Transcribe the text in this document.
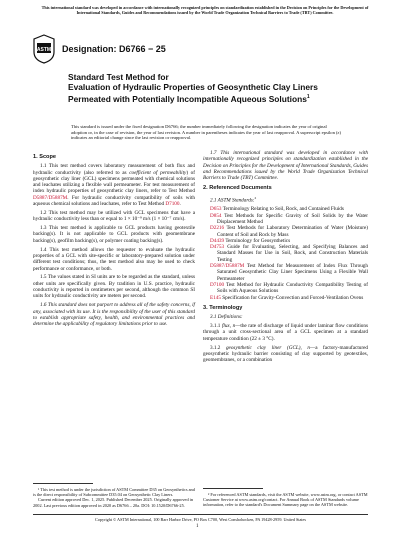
This international standard was developed in accordance with internationally recognized principles on standardization established in the Decision on Principles for the Development of International Standards, Guides and Recommendations issued by the World Trade Organization Technical Barriers to Trade (TBT) Committee.
ASTM Designation: D6766 − 25
Standard Test Method for
Evaluation of Hydraulic Properties of Geosynthetic Clay Liners Permeated with Potentially Incompatible Aqueous Solutions$^1$
This standard is issued under the fixed designation D6766; the number immediately following the designation indicates the year of original adoption or, in the case of revision, the year of last revision. A number in parentheses indicates the year of last reapproval. A superscript epsilon (ε) indicates an editorial change since the last revision or reapproval.

1. Scope

1.1 This test method covers laboratory measurement of both flux and hydraulic conductivity (also referred to as coefficient of permeability) of geosynthetic clay liner (GCL) specimens permeated with chemical solutions and leachates utilizing a flexible wall permeameter. For test measurement of index hydraulic properties of geosynthetic clay liners, refer to Test Method D5887/D5887M. For hydraulic conductivity compatibility of soils with aqueous chemical solutions and leachates, refer to Test Method D7100.

1.2 This test method may be utilized with GCL specimens that have a hydraulic conductivity less than or equal to 1 × 10⁻⁹ m/s (1 × 10⁻⁷ cm/s).

1.3 This test method is applicable to GCL products having geotextile backing(s). It is not applicable to GCL products with geomembrane backing(s), geofilm backing(s), or polymer coating backing(s).

1.4 This test method allows the requester to evaluate the hydraulic properties of a GCL with site-specific or laboratory-prepared solution under different test conditions; thus, the test method also may be used to check performance or conformance, or both.

1.5 The values stated in SI units are to be regarded as the standard, unless other units are specifically given. By tradition in U.S. practice, hydraulic conductivity is reported in centimeters per second, although the common SI units for hydraulic conductivity are meters per second.

1.6 This standard does not purport to address all of the safety concerns, if any, associated with its use. It is the responsibility of the user of this standard to establish appropriate safety, health, and environmental practices and determine the applicability of regulatory limitations prior to use.

1.7 This international standard was developed in accordance with internationally recognized principles on standardization established in the Decision on Principles for the Development of International Standards, Guides and Recommendations issued by the World Trade Organization Technical Barriers to Trade (TBT) Committee.

2. Referenced Documents

2.1 ASTM Standards:$^2$

D653 Terminology Relating to Soil, Rock, and Contained Fluids

D854 Test Methods for Specific Gravity of Soil Solids by the Water Displacement Method

D2216 Test Methods for Laboratory Determination of Water (Moisture) Content of Soil and Rock by Mass

D4439 Terminology for Geosynthetics

D4753 Guide for Evaluating, Selecting, and Specifying Balances and Standard Masses for Use in Soil, Rock, and Construction Materials Testing

D5887/D5887M Test Method for Measurement of Index Flux Through Saturated Geosynthetic Clay Liner Specimens Using a Flexible Wall Permeameter

D7100 Test Method for Hydraulic Conductivity Compatibility Testing of Soils with Aqueous Solutions

E145 Specification for Gravity-Convection and Forced-Ventilation Ovens

3. Terminology

3.1 Definitions:

3.1.1 flux, n—the rate of discharge of liquid under laminar flow conditions through a unit cross-sectional area of a GCL specimen at a standard temperature condition (22 ± 3 °C).

3.1.2 geosynthetic clay liner (GCL), n—a factory-manufactured geosynthetic hydraulic barrier consisting of clay supported by geotextiles, geomembranes, or a combination

¹ This test method is under the jurisdiction of ASTM Committee D35 on Geosynthetics and is the direct responsibility of Subcommittee D35.04 on Geosynthetic Clay Liners.

Current edition approved Dec. 1, 2025. Published December 2025. Originally approved in 2002. Last previous edition approved in 2020 as D6766 – 20a. DOI: 10.1520/D6766-25.

² For referenced ASTM standards, visit the ASTM website, www.astm.org, or contact ASTM Customer Service at www.astm.org/contact. For Annual Book of ASTM Standards volume information, refer to the standard's Document Summary page on the ASTM website.

Copyright © ASTM International, 100 Barr Harbor Drive, PO Box C700, West Conshohocken, PA 19428-2959. United States
1
